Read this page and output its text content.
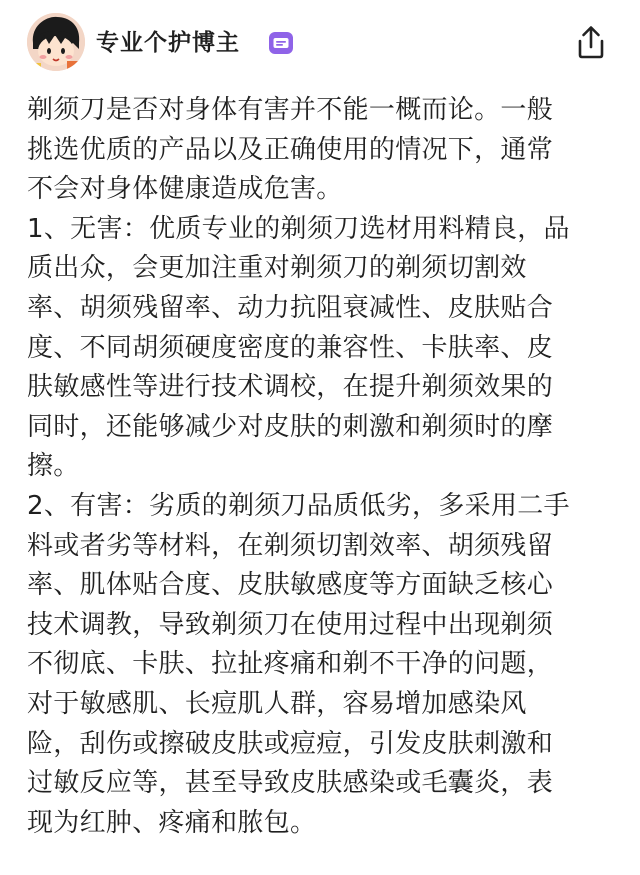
专业个护博主
剃须刀是否对身体有害并不能一概而论。一般
挑选优质的产品以及正确使用的情况下，通常
不会对身体健康造成危害。
1、无害：优质专业的剃须刀选材用料精良，品
质出众，会更加注重对剃须刀的剃须切割效
率、胡须残留率、动力抗阻衰减性、皮肤贴合
度、不同胡须硬度密度的兼容性、卡肤率、皮
肤敏感性等进行技术调校，在提升剃须效果的
同时，还能够减少对皮肤的刺激和剃须时的摩
擦。
2、有害：劣质的剃须刀品质低劣，多采用二手
料或者劣等材料，在剃须切割效率、胡须残留
率、肌体贴合度、皮肤敏感度等方面缺乏核心
技术调教，导致剃须刀在使用过程中出现剃须
不彻底、卡肤、拉扯疼痛和剃不干净的问题，
对于敏感肌、长痘肌人群，容易增加感染风
险，刮伤或擦破皮肤或痘痘，引发皮肤刺激和
过敏反应等，甚至导致皮肤感染或毛囊炎，表
现为红肿、疼痛和脓包。
